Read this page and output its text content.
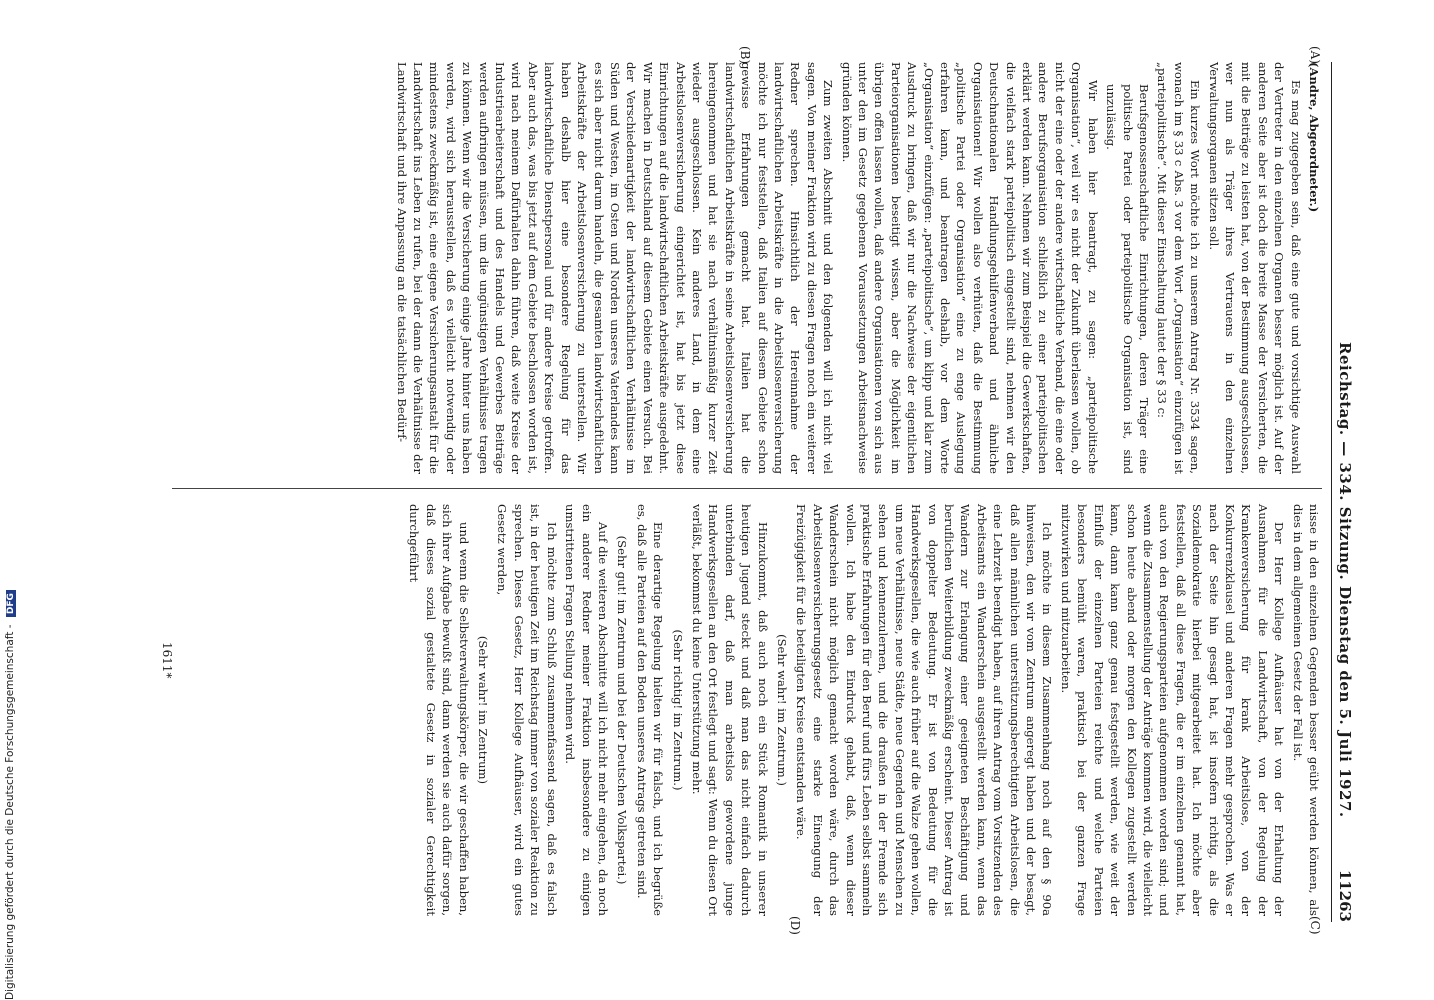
Reichstag. — 334. Sitzung. Dienstag den 5. Juli 1927.
11263
(A)
(B)
(C)
(D)

(Andre, Abgeordneter.)

Es mag zugegeben sein, daß eine gute und vorsichtige Auswahl der Vertreter in den einzelnen Organen besser möglich ist. Auf der anderen Seite aber ist doch die breite Masse der Versicherten, die mit die Beiträge zu leisten hat, von der Bestimmung ausgeschlossen, wer nun als Träger ihres Vertrauens in den einzelnen Verwaltungsorganen sitzen soll.

Ein kurzes Wort möchte ich zu unserem Antrag Nr. 3534 sagen, wonach im § 33 c Abs. 3 vor dem Wort „Organisation“ einzufügen ist „parteipolitische“. Mit dieser Einschaltung lautet der § 33 c:

Berufsgenossenschaftliche Einrichtungen, deren Träger eine politische Partei oder parteipolitische Organisation ist, sind unzulässig.

Wir haben hier beantragt, zu sagen: „parteipolitische Organisation“, weil wir es nicht der Zukunft überlassen wollen, ob nicht der eine oder der andere wirtschaftliche Verband, die eine oder andere Berufsorganisation schließlich zu einer parteipolitischen erklärt werden kann. Nehmen wir zum Beispiel die Gewerkschaften, die vielfach stark parteipolitisch eingestellt sind, nehmen wir den Deutschnationalen Handlungsgehilfenverband und ähnliche Organisationen! Wir wollen also verhüten, daß die Bestimmung „politische Partei oder Organisation“ eine zu enge Auslegung erfahren kann, und beantragen deshalb, vor dem Worte „Organisation“ einzufügen: „parteipolitische“, um klipp und klar zum Ausdruck zu bringen, daß wir nur die Nachweise der eigentlichen Parteiorganisationen beseitigt wissen, aber die Möglichkeit im übrigen offen lassen wollen, daß andere Organisationen von sich aus unter den im Gesetz gegebenen Voraussetzungen Arbeitsnachweise gründen können.

Zum zweiten Abschnitt und den folgenden will ich nicht viel sagen. Von meiner Fraktion wird zu diesen Fragen noch ein weiterer Redner sprechen. Hinsichtlich der Hereinnahme der landwirtschaftlichen Arbeitskräfte in die Arbeitslosenversicherung möchte ich nur feststellen, daß Italien auf diesem Gebiete schon gewisse Erfahrungen gemacht hat. Italien hat die landwirtschaftlichen Arbeitskräfte in seine Arbeitslosenversicherung hereingenommen und hat sie nach verhältnismäßig kurzer Zeit wieder ausgeschlossen. Kein anderes Land, in dem eine Arbeitslosenversicherung eingerichtet ist, hat bis jetzt diese Einrichtungen auf die landwirtschaftlichen Arbeitskräfte ausgedehnt. Wir machen in Deutschland auf diesem Gebiete einen Versuch. Bei der Verschiedenartigkeit der landwirtschaftlichen Verhältnisse im Süden und Westen, im Osten und Norden unseres Vaterlandes kann es sich aber nicht darum handeln, die gesamten landwirtschaftlichen Arbeitskräfte der Arbeitslosenversicherung zu unterstellen. Wir haben deshalb hier eine besondere Regelung für das landwirtschaftliche Dienstpersonal und für andere Kreise getroffen. Aber auch das, was bis jetzt auf dem Gebiete beschlossen worden ist, wird nach meinem Dafürhalten dahin führen, daß weite Kreise der Industriearbeiterschaft und des Handels und Gewerbes Beiträge werden aufbringen müssen, um die ungünstigen Verhältnisse tragen zu können. Wenn wir die Versicherung einige Jahre hinter uns haben werden, wird sich herausstellen, daß es vielleicht notwendig oder mindestens zweckmäßig ist, eine eigene Versicherungsanstalt für die Landwirtschaft ins Leben zu rufen, bei der dann die Verhältnisse der Landwirtschaft und ihre Anpassung an die tatsächlichen Bedürf-

nisse in den einzelnen Gegenden besser geübt werden können, als dies in dem allgemeinen Gesetz der Fall ist.

Der Herr Kollege Aufhäuser hat von der Erhaltung der Ausnahmen für die Landwirtschaft, von der Regelung der Krankenversicherung für krank Arbeitslose, von der Konkurrenzklausel und anderen Fragen mehr gesprochen. Was er nach der Seite hin gesagt hat, ist insofern richtig, als die Sozialdemokratie hierbei mitgearbeitet hat. Ich möchte aber feststellen, daß all diese Fragen, die er im einzelnen genannt hat, auch von den Regierungsparteien aufgenommen worden sind; und wenn die Zusammenstellung der Anträge kommen wird, die vielleicht schon heute abend oder morgen den Kollegen zugestellt werden kann, dann kann ganz genau festgestellt werden, wie weit der Einfluß der einzelnen Parteien reichte und welche Parteien besonders bemüht waren, praktisch bei der ganzen Frage mitzuwirken und mitzuarbeiten.

Ich möchte in diesem Zusammenhang noch auf den § 90a hinweisen, den wir vom Zentrum angeregt haben und der besagt, daß allen männlichen unterstützungsberechtigten Arbeitslosen, die eine Lehrzeit beendigt haben, auf ihren Antrag vom Vorsitzenden des Arbeitsamts ein Wanderschein ausgestellt werden kann, wenn das Wandern zur Erlangung einer geeigneten Beschäftigung und beruflichen Weiterbildung zweckmäßig erscheint. Dieser Antrag ist von doppelter Bedeutung. Er ist von Bedeutung für die Handwerksgesellen, die wie auch früher auf die Walze gehen wollen, um neue Verhältnisse, neue Städte, neue Gegenden und Menschen zu sehen und kennenzulernen, und die draußen in der Fremde sich praktische Erfahrungen für den Beruf und fürs Leben selbst sammeln wollen. Ich habe den Eindruck gehabt, daß, wenn dieser Wanderschein nicht möglich gemacht worden wäre, durch das Arbeitslosenversicherungsgesetz eine starke Einengung der Freizügigkeit für die beteiligten Kreise entstanden wäre.

(Sehr wahr! im Zentrum.)

Hinzukommt, daß auch noch ein Stück Romantik in unserer heutigen Jugend steckt und daß man das nicht einfach dadurch unterbinden darf, daß man arbeitslos gewordene junge Handwerksgesellen an den Ort festlegt und sagt: Wenn du diesen Ort verläßt, bekommst du keine Unterstützung mehr.

(Sehr richtig! im Zentrum.)

Eine derartige Regelung hielten wir für falsch, und ich begrüße es, daß alle Parteien auf den Boden unseres Antrags getreten sind.

(Sehr gut! im Zentrum und bei der Deutschen Volkspartei.)

Auf die weiteren Abschnitte will ich nicht mehr eingehen, da noch ein anderer Redner meiner Fraktion insbesondere zu einigen umstrittenen Fragen Stellung nehmen wird.

Ich möchte zum Schluß zusammenfassend sagen, daß es falsch ist, in der heutigen Zeit im Reichstag immer von sozialer Reaktion zu sprechen. Dieses Gesetz, Herr Kollege Aufhäuser, wird ein gutes Gesetz werden,

(Sehr wahr! im Zentrum)

und wenn die Selbstverwaltungskörper, die wir geschaffen haben, sich ihrer Aufgabe bewußt sind, dann werden sie auch dafür sorgen, daß dieses sozial gestaltete Gesetz in sozialer Gerechtigkeit durchgeführt

1611*
Digitalisierung gefördert durch die Deutsche Forschungsgemeinschaft - DFG
